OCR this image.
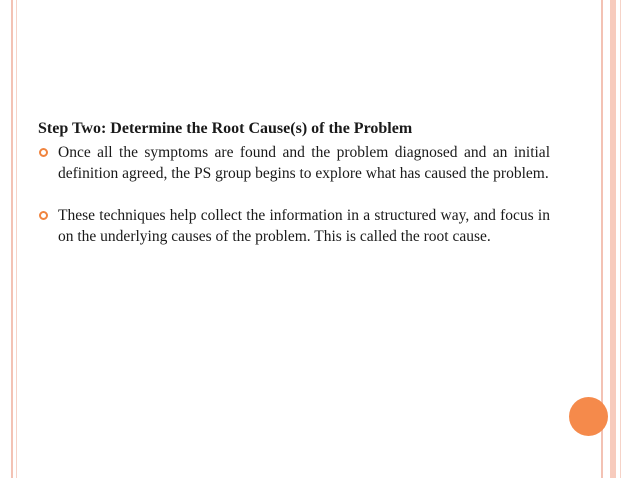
Step Two: Determine the Root Cause(s) of the Problem
Once all the symptoms are found and the problem diagnosed and an initial definition agreed, the PS group begins to explore what has caused the problem.
These techniques help collect the information in a structured way, and focus in on the underlying causes of the problem. This is called the root cause.
